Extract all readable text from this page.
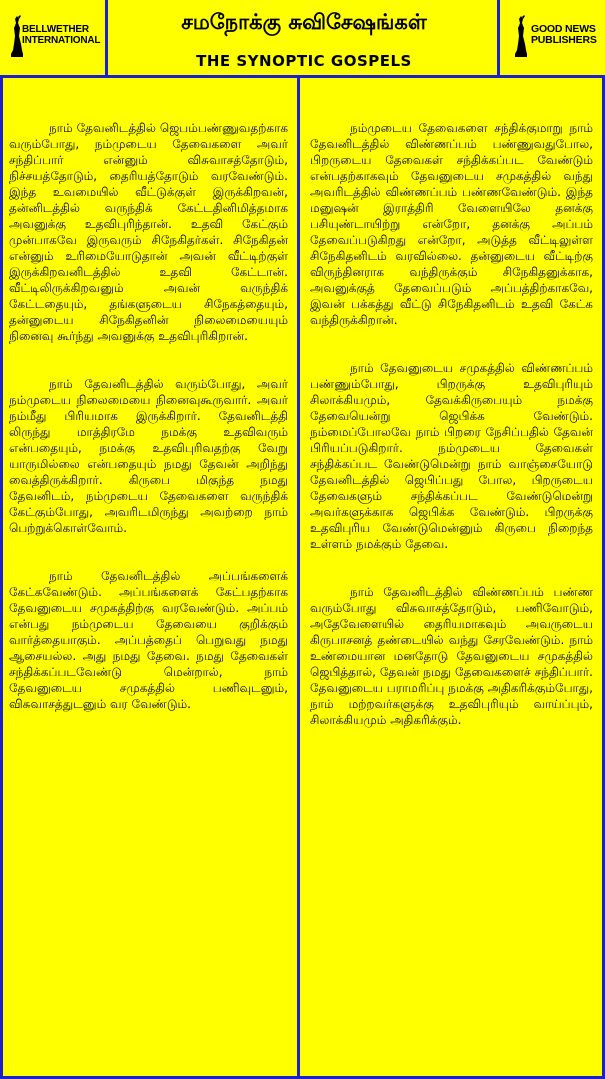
BELLWETHER
INTERNATIONAL
சமநோக்கு சுவிசேஷங்கள்
THE SYNOPTIC GOSPELS
GOOD NEWS
PUBLISHERS

நாம் தேவனிடத்தில் ஜெபம்பண்ணுவதற்காக வரும்போது, நம்முடைய தேவைகளை அவர் சந்திப்பார் என்னும் விசுவாசத்தோடும், நிச்சயத்தோடும், தைரியத்தோடும் வரவேண்டும். இந்த உவமையில் வீட்டுக்குள் இருக்கிறவன், தன்னிடத்தில் வருந்திக் கேட்டதினிமித்தமாக அவனுக்கு உதவிபுரிந்தான். உதவி கேட்கும் முன்பாகவே இருவரும் சிநேகிதர்கள். சிநேகிதன் என்னும் உரிமையோடுதான் அவன் வீட்டிற்குள் இருக்கிறவனிடத்தில் உதவி கேட்டான். வீட்டிலிருக்கிறவனும் அவன் வருந்திக் கேட்டதையும், தங்களுடைய சிநேகத்தையும், தன்னுடைய சிநேகிதனின் நிலைமையையும் நினைவு கூர்ந்து அவனுக்கு உதவிபுரிகிறான்.

நாம் தேவனிடத்தில் வரும்போது, அவர் நம்முடைய நிலைமையை நினைவுகூருவார். அவர் நம்மீது பிரியமாக இருக்கிறார். தேவனிடத்தி லிருந்து மாத்திரமே நமக்கு உதவிவரும் என்பதையும், நமக்கு உதவிபுரிவதற்கு வேறு யாருமில்லை என்பதையும் நமது தேவன் அறிந்து வைத்திருக்கிறார். கிருபை மிகுந்த நமது தேவனிடம், நம்முடைய தேவைகளை வருந்திக் கேட்கும்போது, அவரிடமிருந்து அவற்றை நாம் பெற்றுக்கொள்வோம்.

நாம் தேவனிடத்தில் அப்பங்களைக் கேட்கவேண்டும். அப்பங்களைக் கேட்பதற்காக தேவனுடைய சமுகத்திற்கு வரவேண்டும். அப்பம் என்பது நம்முடைய தேவையை குறிக்கும் வார்த்தையாகும். அப்பத்தைப் பெறுவது நமது ஆசையல்ல. அது நமது தேவை. நமது தேவைகள் சந்திக்கப்படவேண்டு மென்றால், நாம் தேவனுடைய சமுகத்தில் பணிவுடனும், விசுவாசத்துடனும் வர வேண்டும்.

நம்முடைய தேவைகளை சந்திக்குமாறு நாம் தேவனிடத்தில் விண்ணப்பம் பண்ணுவதுபோல, பிறருடைய தேவைகள் சந்திக்கப்பட வேண்டும் என்பதற்காகவும் தேவனுடைய சமுகத்தில் வந்து அவரிடத்தில் விண்ணப்பம் பண்ணவேண்டும். இந்த மனுஷன் இராத்திரி வேளையிலே தனக்கு பசியுண்டாயிற்று என்றோ, தனக்கு அப்பம் தேவைப்படுகிறது என்றோ, அடுத்த வீட்டிலுள்ள சிநேகிதனிடம் வரவில்லை. தன்னுடைய வீட்டிற்கு விருந்தினராக வந்திருக்கும் சிநேகிதனுக்காக, அவனுக்குத் தேவைப்படும் அப்பத்திற்காகவே, இவன் பக்கத்து வீட்டு சிநேகிதனிடம் உதவி கேட்க வந்திருக்கிறான்.

நாம் தேவனுடைய சமுகத்தில் விண்ணப்பம் பண்ணும்போது, பிறருக்கு உதவிபுரியும் சிலாக்கியமும், தேவக்கிருபையும் நமக்கு தேவையென்று ஜெபிக்க வேண்டும். நம்மைப்போலவே நாம் பிறரை நேசிப்பதில் தேவன் பிரியப்படுகிறார். நம்முடைய தேவைகள் சந்திக்கப்பட வேண்டுமென்று நாம் வாஞ்சையோடு தேவனிடத்தில் ஜெபிப்பது போல, பிறருடைய தேவைகளும் சந்திக்கப்பட வேண்டுமென்று அவர்களுக்காக ஜெபிக்க வேண்டும். பிறருக்கு உதவிபுரிய வேண்டுமென்னும் கிருபை நிறைந்த உள்ளம் நமக்கும் தேவை.

நாம் தேவனிடத்தில் விண்ணப்பம் பண்ண வரும்போது விசுவாசத்தோடும், பணிவோடும், அதேவேளையில் தைரியமாகவும் அவருடைய கிருபாசனத் தண்டையில் வந்து சேரவேண்டும். நாம் உண்மையான மனதோடு தேவனுடைய சமுகத்தில் ஜெபித்தால், தேவன் நமது தேவைகளைச் சந்திப்பார். தேவனுடைய பராமரிப்பு நமக்கு அதிகரிக்கும்போது, நாம் மற்றவர்களுக்கு உதவிபுரியும் வாய்ப்பும், சிலாக்கியமும் அதிகரிக்கும்.
